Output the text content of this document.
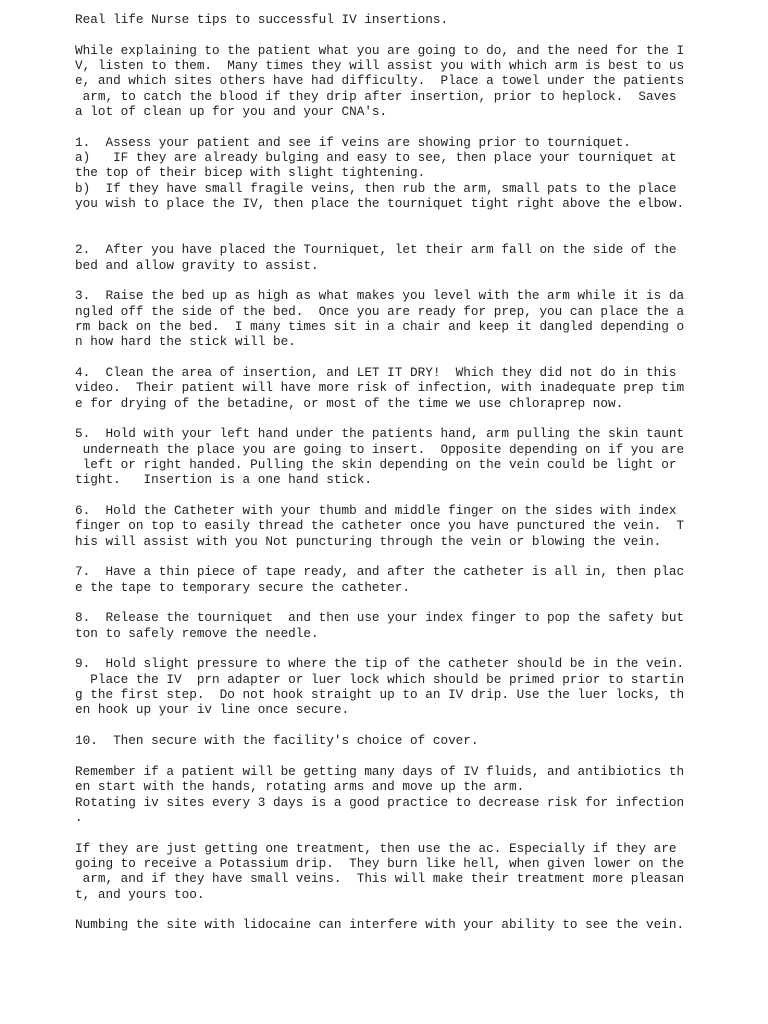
Real life Nurse tips to successful IV insertions.
While explaining to the patient what you are going to do, and the need for the I
V, listen to them.  Many times they will assist you with which arm is best to us
e, and which sites others have had difficulty.  Place a towel under the patients
arm, to catch the blood if they drip after insertion, prior to heplock.  Saves
a lot of clean up for you and your CNA's.
1.  Assess your patient and see if veins are showing prior to tourniquet.
a)   IF they are already bulging and easy to see, then place your tourniquet at
the top of their bicep with slight tightening.
b)  If they have small fragile veins, then rub the arm, small pats to the place
you wish to place the IV, then place the tourniquet tight right above the elbow.
2.  After you have placed the Tourniquet, let their arm fall on the side of the
bed and allow gravity to assist.
3.  Raise the bed up as high as what makes you level with the arm while it is da
ngled off the side of the bed.  Once you are ready for prep, you can place the a
rm back on the bed.  I many times sit in a chair and keep it dangled depending o
n how hard the stick will be.
4.  Clean the area of insertion, and LET IT DRY!  Which they did not do in this
video.  Their patient will have more risk of infection, with inadequate prep tim
e for drying of the betadine, or most of the time we use chloraprep now.
5.  Hold with your left hand under the patients hand, arm pulling the skin taunt
underneath the place you are going to insert.  Opposite depending on if you are
left or right handed. Pulling the skin depending on the vein could be light or
tight.   Insertion is a one hand stick.
6.  Hold the Catheter with your thumb and middle finger on the sides with index
finger on top to easily thread the catheter once you have punctured the vein.  T
his will assist with you Not puncturing through the vein or blowing the vein.
7.  Have a thin piece of tape ready, and after the catheter is all in, then plac
e the tape to temporary secure the catheter.
8.  Release the tourniquet  and then use your index finger to pop the safety but
ton to safely remove the needle.
9.  Hold slight pressure to where the tip of the catheter should be in the vein.
Place the IV  prn adapter or luer lock which should be primed prior to startin
g the first step.  Do not hook straight up to an IV drip. Use the luer locks, th
en hook up your iv line once secure.
10.  Then secure with the facility's choice of cover.
Remember if a patient will be getting many days of IV fluids, and antibiotics th
en start with the hands, rotating arms and move up the arm.
Rotating iv sites every 3 days is a good practice to decrease risk for infection
.
If they are just getting one treatment, then use the ac. Especially if they are
going to receive a Potassium drip.  They burn like hell, when given lower on the
arm, and if they have small veins.  This will make their treatment more pleasan
t, and yours too.
Numbing the site with lidocaine can interfere with your ability to see the vein.
